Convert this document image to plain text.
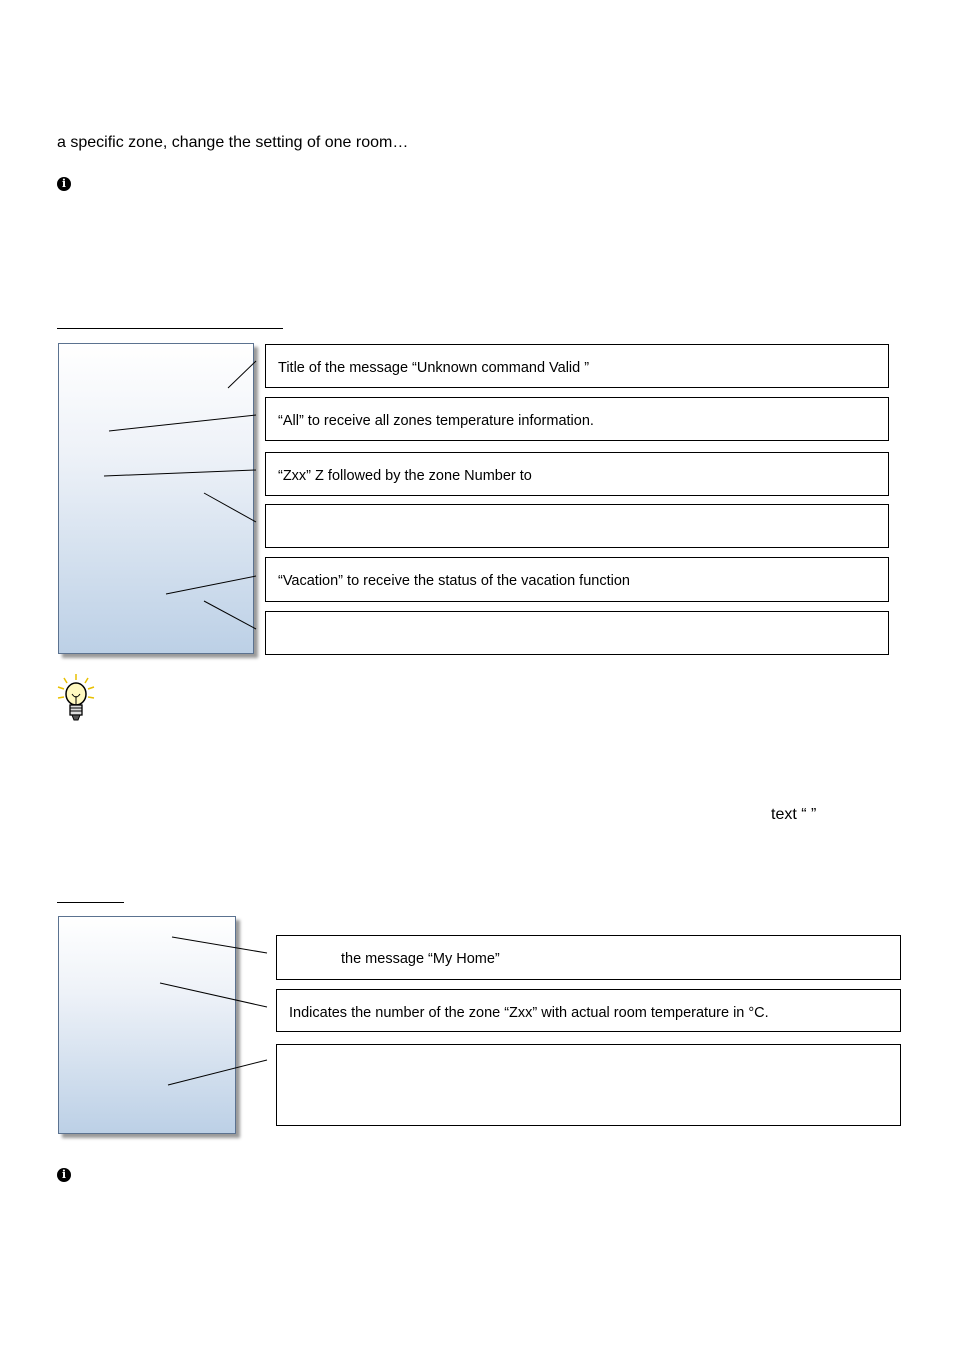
a specific zone, change the setting of one room…
i
Title of the message “Unknown command Valid ”
“All” to receive all zones temperature information.
“Zxx” Z followed by the zone Number to
“Vacation” to receive the status of the vacation function
text “ ”
the message “My Home”
Indicates the number of the zone “Zxx” with actual room temperature in °C.
i
